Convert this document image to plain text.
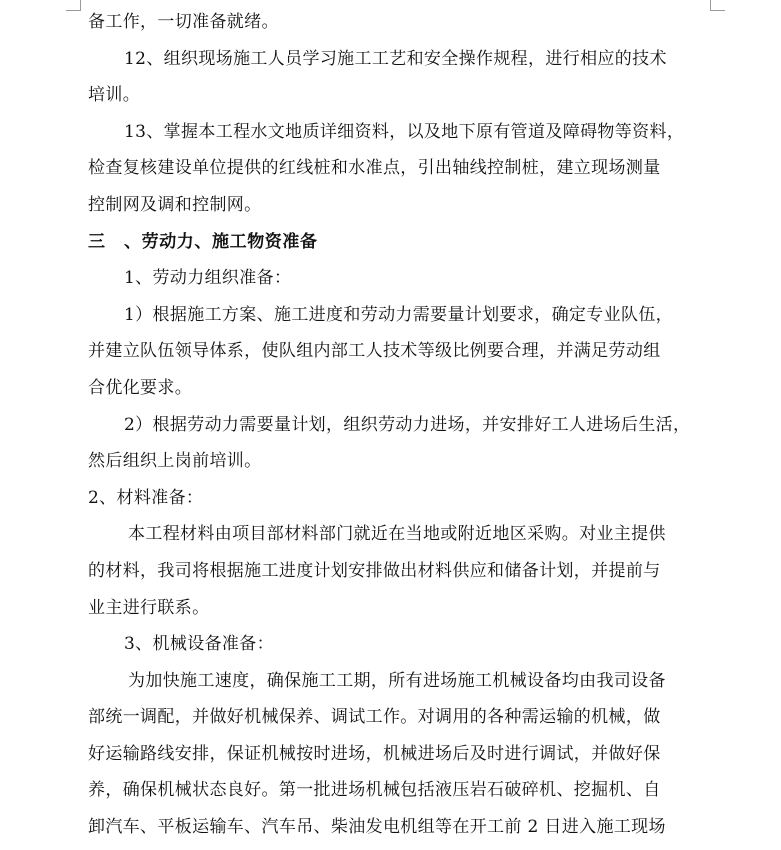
备工作，一切准备就绪。
12、组织现场施工人员学习施工工艺和安全操作规程，进行相应的技术
培训。
13、掌握本工程水文地质详细资料，以及地下原有管道及障碍物等资料，
检查复核建设单位提供的红线桩和水准点，引出轴线控制桩，建立现场测量
控制网及调和控制网。
三 、劳动力、施工物资准备
1、劳动力组织准备：
1）根据施工方案、施工进度和劳动力需要量计划要求，确定专业队伍，
并建立队伍领导体系，使队组内部工人技术等级比例要合理，并满足劳动组
合优化要求。
2）根据劳动力需要量计划，组织劳动力进场，并安排好工人进场后生活，
然后组织上岗前培训。
2、材料准备：
本工程材料由项目部材料部门就近在当地或附近地区采购。对业主提供
的材料，我司将根据施工进度计划安排做出材料供应和储备计划，并提前与
业主进行联系。
3、机械设备准备：
为加快施工速度，确保施工工期，所有进场施工机械设备均由我司设备
部统一调配，并做好机械保养、调试工作。对调用的各种需运输的机械，做
好运输路线安排，保证机械按时进场，机械进场后及时进行调试，并做好保
养，确保机械状态良好。第一批进场机械包括液压岩石破碎机、挖掘机、自
卸汽车、平板运输车、汽车吊、柴油发电机组等在开工前 2 日进入施工现场
